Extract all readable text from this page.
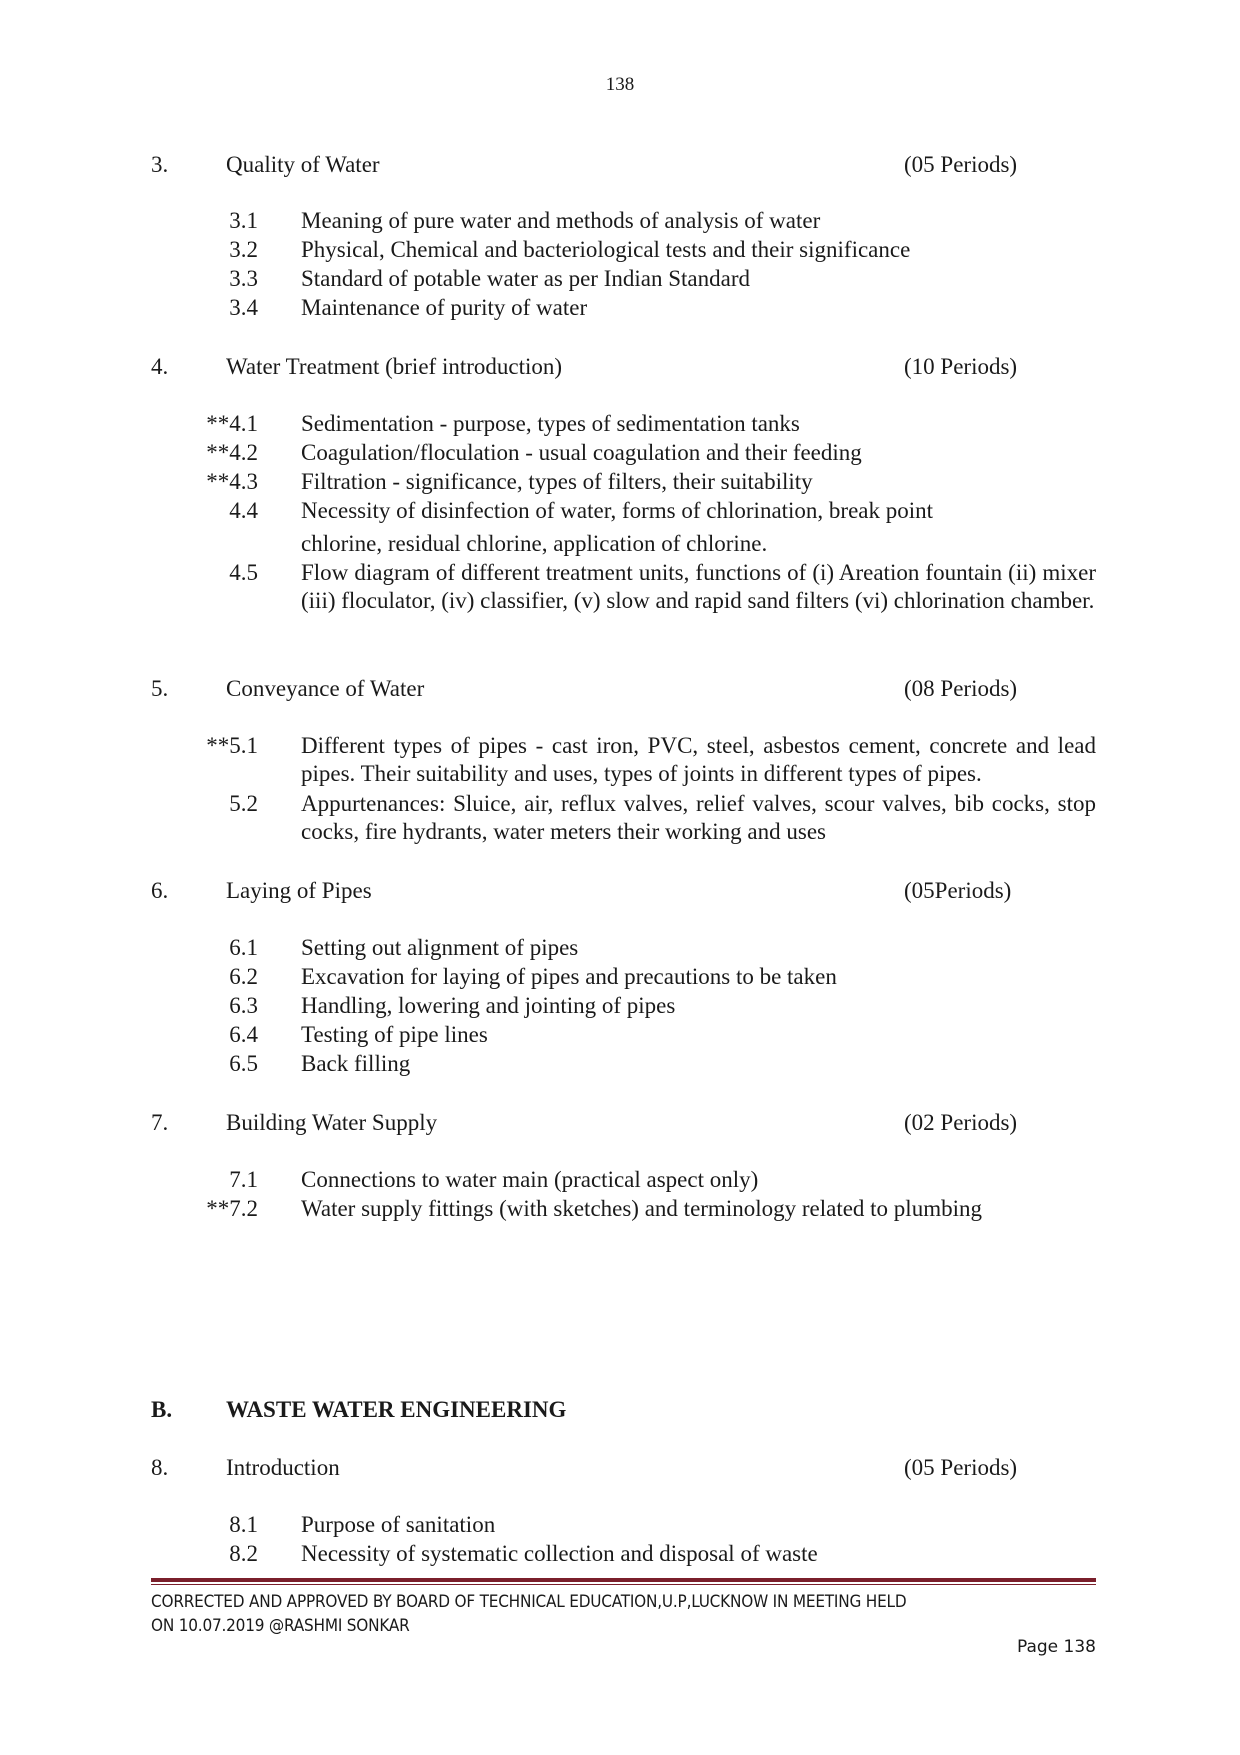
138
3.	Quality of Water	(05 Periods)
3.1 Meaning of pure water and methods of analysis of water
3.2 Physical, Chemical and bacteriological tests and their significance
3.3 Standard of potable water as per Indian Standard
3.4 Maintenance of purity of water
4.	Water Treatment (brief introduction)	(10 Periods)
**4.1 Sedimentation - purpose, types of sedimentation tanks
**4.2 Coagulation/floculation - usual coagulation and their feeding
**4.3 Filtration - significance, types of filters, their suitability
4.4 Necessity of disinfection of water, forms of chlorination, break point
chlorine, residual chlorine, application of chlorine.
4.5 Flow diagram of different treatment units, functions of (i) Areation fountain (ii) mixer (iii) floculator, (iv) classifier, (v) slow and rapid sand filters (vi) chlorination chamber.
5.	Conveyance of Water	(08 Periods)
**5.1 Different types of pipes - cast iron, PVC, steel, asbestos cement, concrete and lead pipes. Their suitability and uses, types of joints in different types of pipes.
5.2 Appurtenances: Sluice, air, reflux valves, relief valves, scour valves, bib cocks, stop cocks, fire hydrants, water meters their working and uses
6.	Laying of Pipes	(05Periods)
6.1 Setting out alignment of pipes
6.2 Excavation for laying of pipes and precautions to be taken
6.3 Handling, lowering and jointing of pipes
6.4 Testing of pipe lines
6.5 Back filling
7.	Building Water Supply	(02 Periods)
7.1 Connections to water main (practical aspect only)
**7.2 Water supply fittings (with sketches) and terminology related to plumbing
B. WASTE WATER ENGINEERING
8.	Introduction	(05 Periods)
8.1 Purpose of sanitation
8.2 Necessity of systematic collection and disposal of waste
CORRECTED AND APPROVED BY BOARD OF TECHNICAL EDUCATION,U.P,LUCKNOW IN MEETING HELD
ON 10.07.2019 @RASHMI SONKAR
Page 138
